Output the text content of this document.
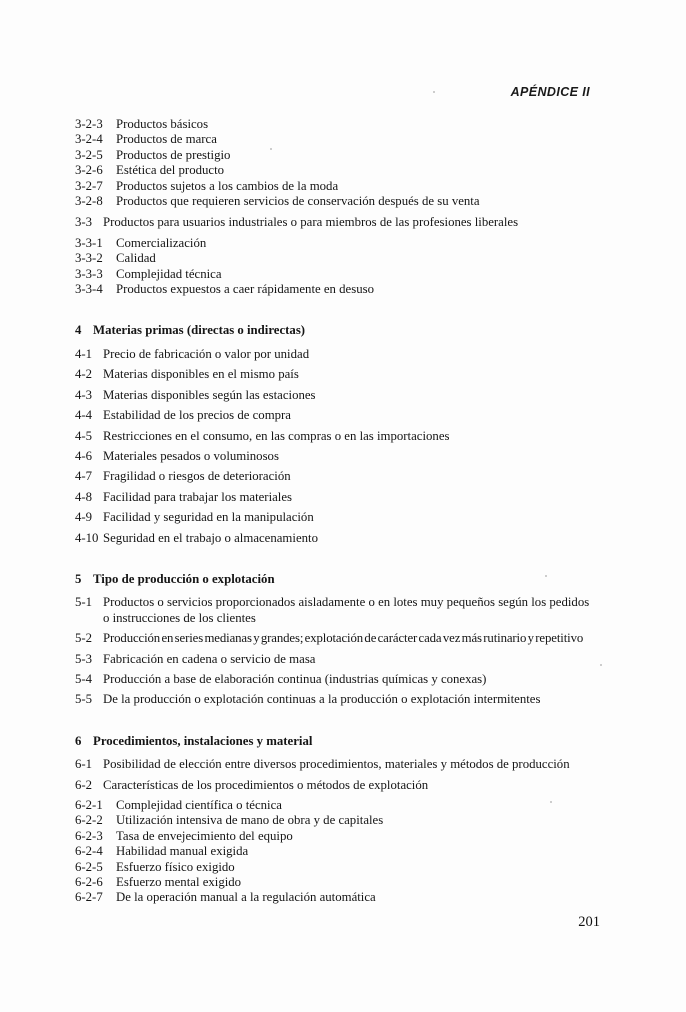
APÉNDICE II
3-2-3	Productos básicos
3-2-4	Productos de marca
3-2-5	Productos de prestigio
3-2-6	Estética del producto
3-2-7	Productos sujetos a los cambios de la moda
3-2-8	Productos que requieren servicios de conservación después de su venta
3-3 Productos para usuarios industriales o para miembros de las profesiones liberales
3-3-1	Comercialización
3-3-2	Calidad
3-3-3	Complejidad técnica
3-3-4	Productos expuestos a caer rápidamente en desuso
4 Materias primas (directas o indirectas)
4-1 Precio de fabricación o valor por unidad
4-2 Materias disponibles en el mismo país
4-3 Materias disponibles según las estaciones
4-4 Estabilidad de los precios de compra
4-5 Restricciones en el consumo, en las compras o en las importaciones
4-6 Materiales pesados o voluminosos
4-7 Fragilidad o riesgos de deterioración
4-8 Facilidad para trabajar los materiales
4-9 Facilidad y seguridad en la manipulación
4-10 Seguridad en el trabajo o almacenamiento
5 Tipo de producción o explotación
5-1 Productos o servicios proporcionados aisladamente o en lotes muy pequeños según los pedidos
o instrucciones de los clientes
5-2 Producción en series medianas y grandes; explotación de carácter cada vez más rutinario y repetitivo
5-3 Fabricación en cadena o servicio de masa
5-4 Producción a base de elaboración continua (industrias químicas y conexas)
5-5 De la producción o explotación continuas a la producción o explotación intermitentes
6 Procedimientos, instalaciones y material
6-1 Posibilidad de elección entre diversos procedimientos, materiales y métodos de producción
6-2 Características de los procedimientos o métodos de explotación
6-2-1	Complejidad científica o técnica
6-2-2	Utilización intensiva de mano de obra y de capitales
6-2-3	Tasa de envejecimiento del equipo
6-2-4	Habilidad manual exigida
6-2-5	Esfuerzo físico exigido
6-2-6	Esfuerzo mental exigido
6-2-7	De la operación manual a la regulación automática
201
